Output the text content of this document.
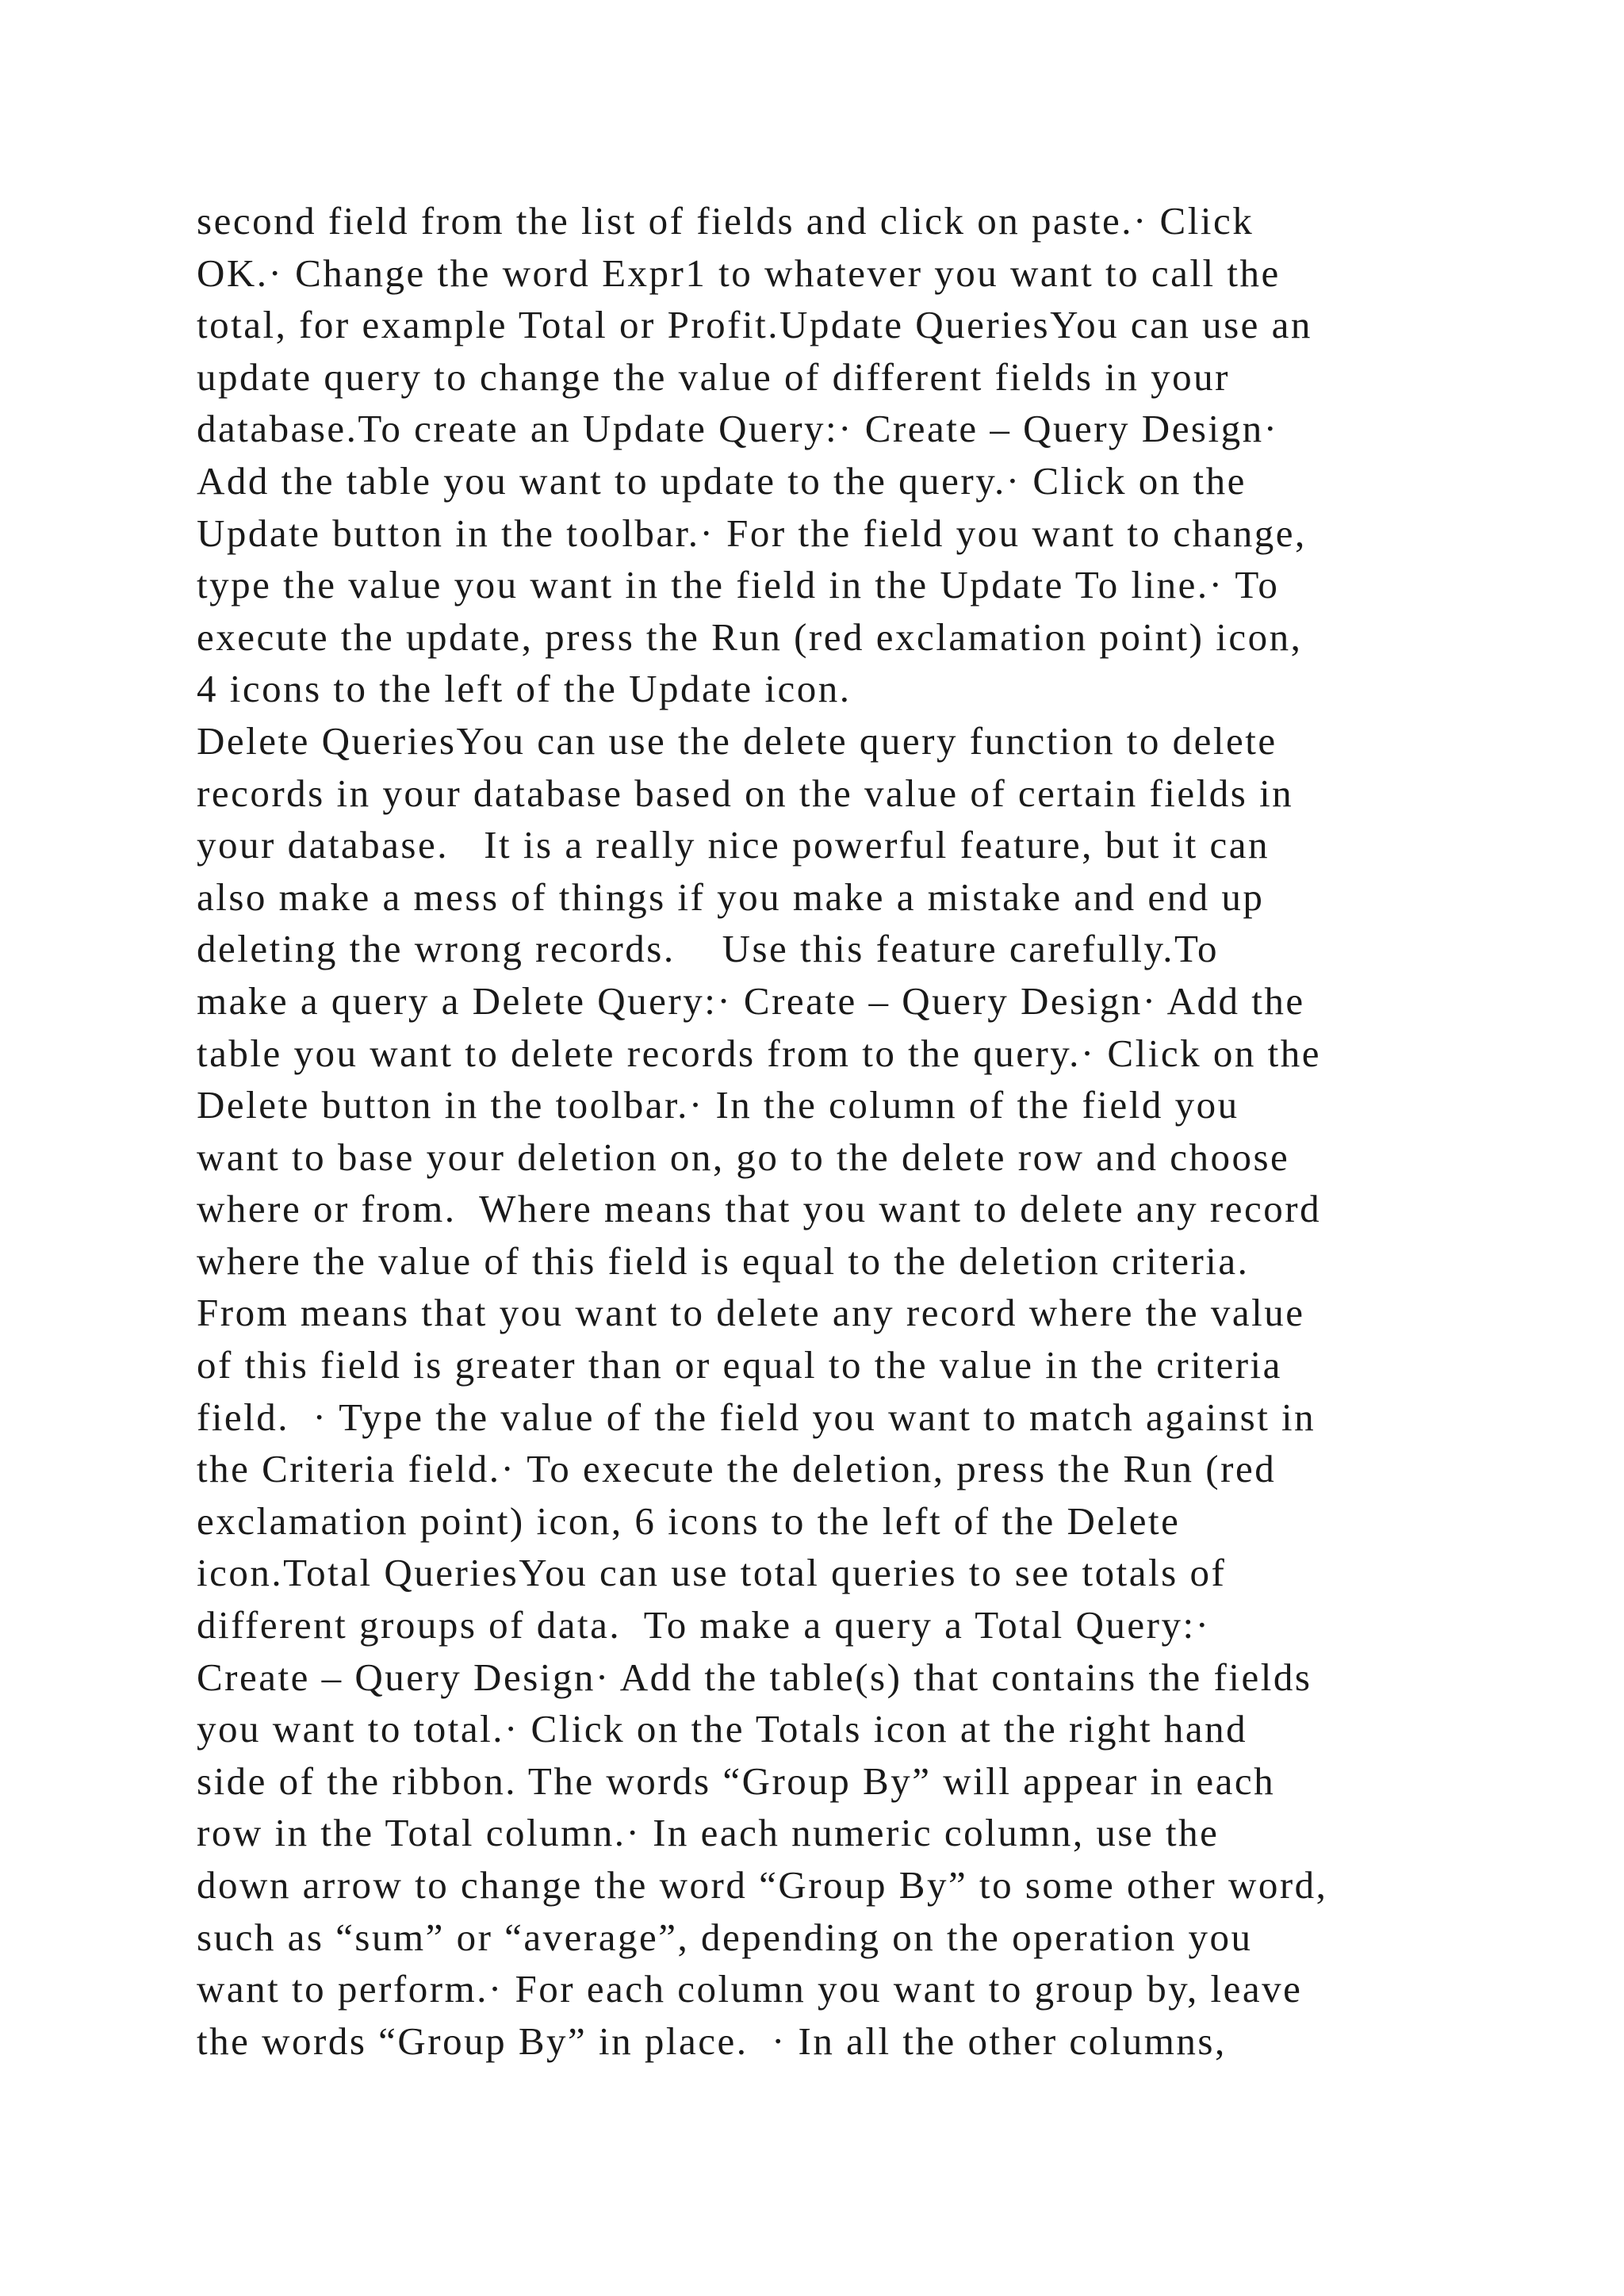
second field from the list of fields and click on paste.· Click
OK.· Change the word Expr1 to whatever you want to call the
total, for example Total or Profit.Update QueriesYou can use an
update query to change the value of different fields in your
database.To create an Update Query:· Create – Query Design·
Add the table you want to update to the query.· Click on the
Update button in the toolbar.· For the field you want to change,
type the value you want in the field in the Update To line.· To
execute the update, press the Run (red exclamation point) icon,
4 icons to the left of the Update icon.
Delete QueriesYou can use the delete query function to delete
records in your database based on the value of certain fields in
your database.   It is a really nice powerful feature, but it can
also make a mess of things if you make a mistake and end up
deleting the wrong records.    Use this feature carefully.To
make a query a Delete Query:· Create – Query Design· Add the
table you want to delete records from to the query.· Click on the
Delete button in the toolbar.· In the column of the field you
want to base your deletion on, go to the delete row and choose
where or from.  Where means that you want to delete any record
where the value of this field is equal to the deletion criteria.
From means that you want to delete any record where the value
of this field is greater than or equal to the value in the criteria
field.  · Type the value of the field you want to match against in
the Criteria field.· To execute the deletion, press the Run (red
exclamation point) icon, 6 icons to the left of the Delete
icon.Total QueriesYou can use total queries to see totals of
different groups of data.  To make a query a Total Query:·
Create – Query Design· Add the table(s) that contains the fields
you want to total.· Click on the Totals icon at the right hand
side of the ribbon. The words “Group By” will appear in each
row in the Total column.· In each numeric column, use the
down arrow to change the word “Group By” to some other word,
such as “sum” or “average”, depending on the operation you
want to perform.· For each column you want to group by, leave
the words “Group By” in place.  · In all the other columns,
